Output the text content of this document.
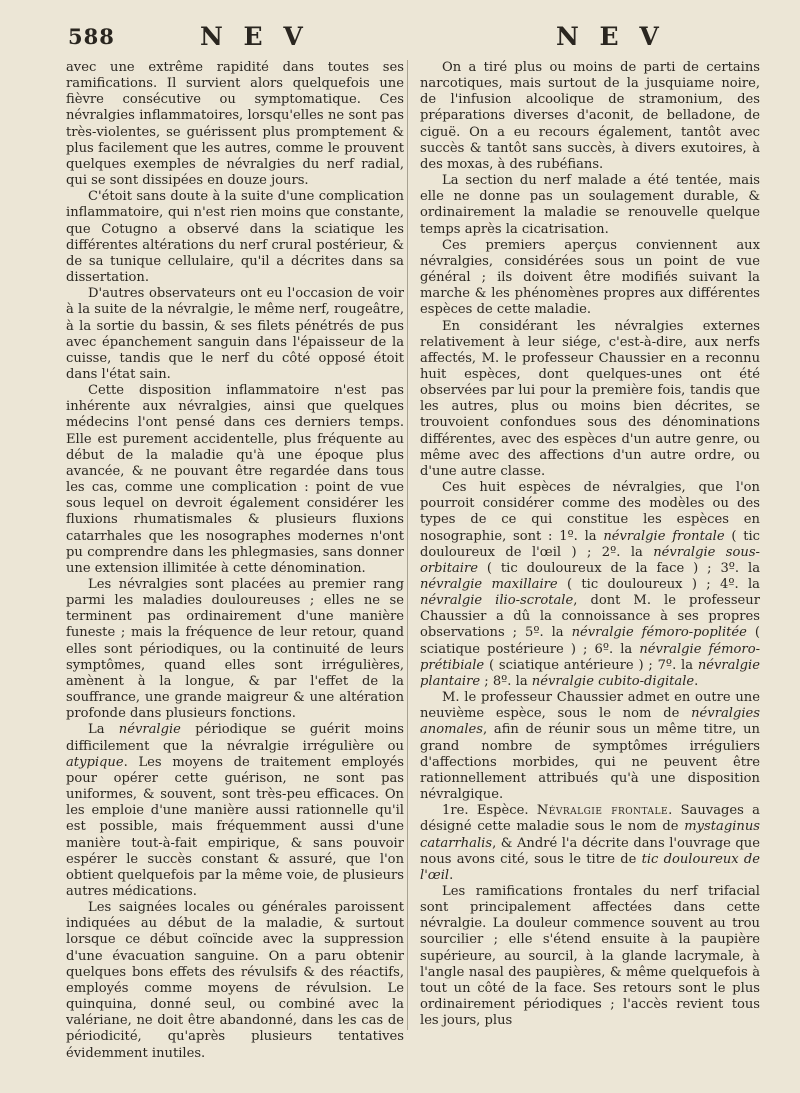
588	N E V	N E V

avec une extrême rapidité dans toutes ses ramifications. Il survient alors quelquefois une fièvre consécutive ou symptomatique. Ces névralgies inflammatoires, lorsqu'elles ne sont pas très-violentes, se guérissent plus promptement & plus facilement que les autres, comme le prouvent quelques exemples de névralgies du nerf radial, qui se sont dissipées en douze jours.

C'étoit sans doute à la suite d'une complication inflammatoire, qui n'est rien moins que constante, que Cotugno a observé dans la sciatique les différentes altérations du nerf crural postérieur, & de sa tunique cellulaire, qu'il a décrites dans sa dissertation.

D'autres observateurs ont eu l'occasion de voir à la suite de la névralgie, le même nerf, rougeâtre, à la sortie du bassin, & ses filets pénétrés de pus avec épanchement sanguin dans l'épaisseur de la cuisse, tandis que le nerf du côté opposé étoit dans l'état sain.

Cette disposition inflammatoire n'est pas inhérente aux névralgies, ainsi que quelques médecins l'ont pensé dans ces derniers temps. Elle est purement accidentelle, plus fréquente au début de la maladie qu'à une époque plus avancée, & ne pouvant être regardée dans tous les cas, comme une complication : point de vue sous lequel on devroit également considérer les fluxions rhumatismales & plusieurs fluxions catarrhales que les nosographes modernes n'ont pu comprendre dans les phlegmasies, sans donner une extension illimitée à cette dénomination.

Les névralgies sont placées au premier rang parmi les maladies douloureuses ; elles ne se terminent pas ordinairement d'une manière funeste ; mais la fréquence de leur retour, quand elles sont périodiques, ou la continuité de leurs symptômes, quand elles sont irrégulières, amènent à la longue, & par l'effet de la souffrance, une grande maigreur & une altération profonde dans plusieurs fonctions.

La névralgie périodique se guérit moins difficilement que la névralgie irrégulière ou atypique. Les moyens de traitement employés pour opérer cette guérison, ne sont pas uniformes, & souvent, sont très-peu efficaces. On les emploie d'une manière aussi rationnelle qu'il est possible, mais fréquemment aussi d'une manière tout-à-fait empirique, & sans pouvoir espérer le succès constant & assuré, que l'on obtient quelquefois par la même voie, de plusieurs autres médications.

Les saignées locales ou générales paroissent indiquées au début de la maladie, & surtout lorsque ce début coïncide avec la suppression d'une évacuation sanguine. On a paru obtenir quelques bons effets des révulsifs & des réactifs, employés comme moyens de révulsion. Le quinquina, donné seul, ou combiné avec la valériane, ne doit être abandonné, dans les cas de périodicité, qu'après plusieurs tentatives évidemment inutiles.

On a tiré plus ou moins de parti de certains narcotiques, mais surtout de la jusquiame noire, de l'infusion alcoolique de stramonium, des préparations diverses d'aconit, de belladone, de ciguë. On a eu recours également, tantôt avec succès & tantôt sans succès, à divers exutoires, à des moxas, à des rubéfians.

La section du nerf malade a été tentée, mais elle ne donne pas un soulagement durable, & ordinairement la maladie se renouvelle quelque temps après la cicatrisation.

Ces premiers aperçus conviennent aux névralgies, considérées sous un point de vue général ; ils doivent être modifiés suivant la marche & les phénomènes propres aux différentes espèces de cette maladie.

En considérant les névralgies externes relativement à leur siége, c'est-à-dire, aux nerfs affectés, M. le professeur Chaussier en a reconnu huit espèces, dont quelques-unes ont été observées par lui pour la première fois, tandis que les autres, plus ou moins bien décrites, se trouvoient confondues sous des dénominations différentes, avec des espèces d'un autre genre, ou même avec des affections d'un autre ordre, ou d'une autre classe.

Ces huit espèces de névralgies, que l'on pourroit considérer comme des modèles ou des types de ce qui constitue les espèces en nosographie, sont : 1º. la névralgie frontale ( tic douloureux de l'œil ) ; 2º. la névralgie sous-orbitaire ( tic douloureux de la face ) ; 3º. la névralgie maxillaire ( tic douloureux ) ; 4º. la névralgie ilio-scrotale, dont M. le professeur Chaussier a dû la connoissance à ses propres observations ; 5º. la névralgie fémoro-poplitée ( sciatique postérieure ) ; 6º. la névralgie fémoro-prétibiale ( sciatique antérieure ) ; 7º. la névralgie plantaire ; 8º. la névralgie cubito-digitale.

M. le professeur Chaussier admet en outre une neuvième espèce, sous le nom de névralgies anomales, afin de réunir sous un même titre, un grand nombre de symptômes irréguliers d'affections morbides, qui ne peuvent être rationnellement attribués qu'à une disposition névralgique.

1re. Espèce. Névralgie frontale. Sauvages a désigné cette maladie sous le nom de mystaginus catarrhalis, & André l'a décrite dans l'ouvrage que nous avons cité, sous le titre de tic douloureux de l'œil.

Les ramifications frontales du nerf trifacial sont principalement affectées dans cette névralgie. La douleur commence souvent au trou sourcilier ; elle s'étend ensuite à la paupière supérieure, au sourcil, à la glande lacrymale, à l'angle nasal des paupières, & même quelquefois à tout un côté de la face. Ses retours sont le plus ordinairement périodiques ; l'accès revient tous les jours, plus
